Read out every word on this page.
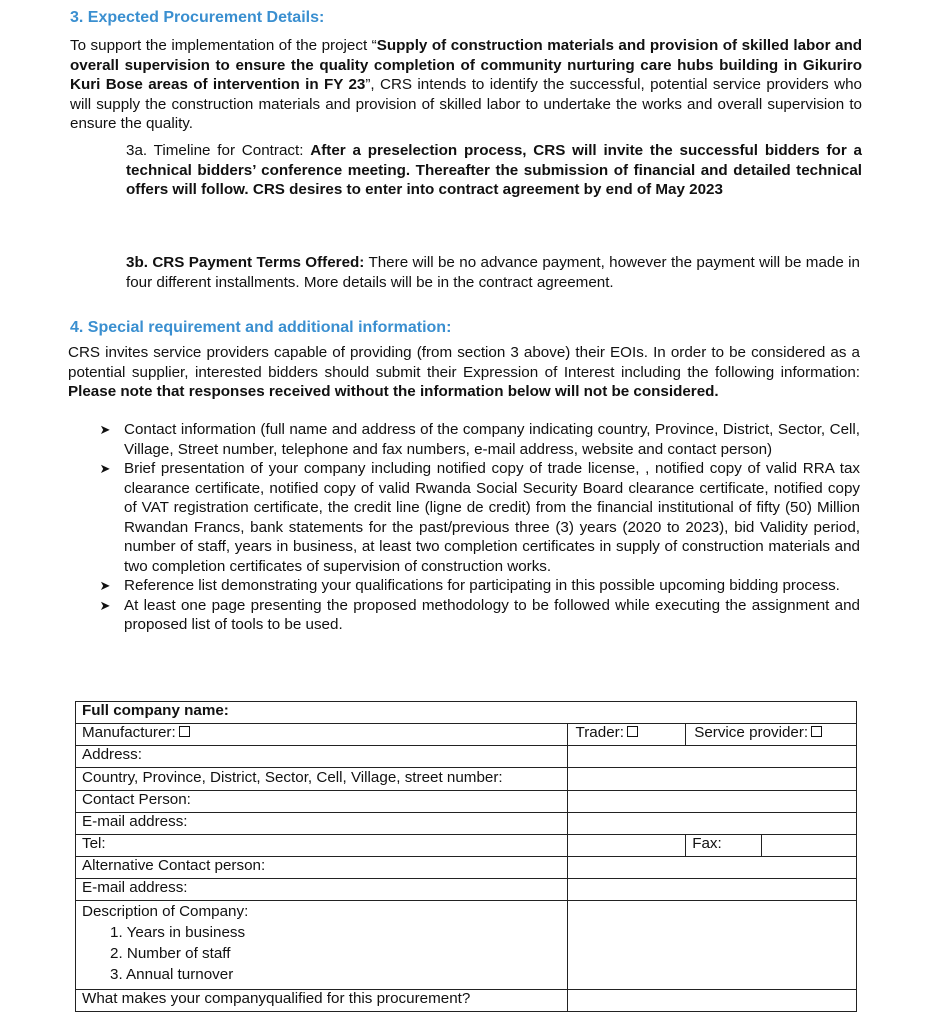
3. Expected Procurement Details:

To support the implementation of the project “Supply of construction materials and provision of skilled labor and overall supervision to ensure the quality completion of community nurturing care hubs building in Gikuriro Kuri Bose areas of intervention in FY 23”, CRS intends to identify the successful, potential service providers who will supply the construction materials and provision of skilled labor to undertake the works and overall supervision to ensure the quality.

3a. Timeline for Contract: After a preselection process, CRS will invite the successful bidders for a technical bidders’ conference meeting. Thereafter the submission of financial and detailed technical offers will follow. CRS desires to enter into contract agreement by end of May 2023

3b. CRS Payment Terms Offered: There will be no advance payment, however the payment will be made in four different installments. More details will be in the contract agreement.

4. Special requirement and additional information:

CRS invites service providers capable of providing (from section 3 above) their EOIs. In order to be considered as a potential supplier, interested bidders should submit their Expression of Interest including the following information: Please note that responses received without the information below will not be considered.

➤ Contact information (full name and address of the company indicating country, Province, District, Sector, Cell, Village, Street number, telephone and fax numbers, e-mail address, website and contact person)
➤ Brief presentation of your company including notified copy of trade license, , notified copy of valid RRA tax clearance certificate, notified copy of valid Rwanda Social Security Board clearance certificate, notified copy of VAT registration certificate, the credit line (ligne de credit) from the financial institutional of fifty (50) Million Rwandan Francs, bank statements for the past/previous three (3) years (2020 to 2023), bid Validity period, number of staff, years in business, at least two completion certificates in supply of construction materials and two completion certificates of supervision of construction works.
➤ Reference list demonstrating your qualifications for participating in this possible upcoming bidding process.
➤ At least one page presenting the proposed methodology to be followed while executing the assignment and proposed list of tools to be used.
Full company name:			
Manufacturer:	Trader:	Service provider:	
Address:			
Country, Province, District, Sector, Cell, Village, street number:			
Contact Person:			
E-mail address:			
Tel:		Fax:	
Alternative Contact person:			
E-mail address:			

Description of Company:
1. Years in business
2. Number of staff
3. Annual turnover			

What makes your companyqualified for this procurement?			
